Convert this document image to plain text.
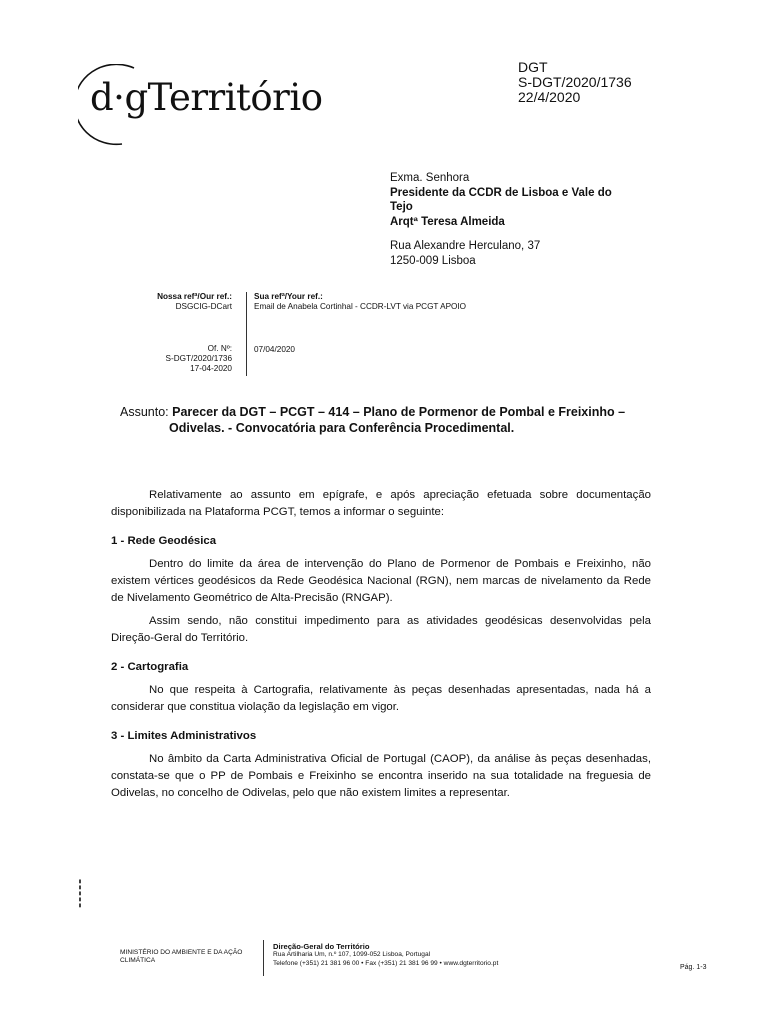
d·gTerritório
DGT
S-DGT/2020/1736
22/4/2020
Exma. Senhora
Presidente da CCDR de Lisboa e Vale do
Tejo
Arqtª Teresa Almeida
Rua Alexandre Herculano, 37
1250-009 Lisboa
Nossa refª/Our ref.:
DSGCIG-DCart
Of. Nº:
S-DGT/2020/1736
17-04-2020
Sua refª/Your ref.:
Email de Anabela Cortinhal - CCDR-LVT via PCGT APOIO
07/04/2020
Assunto: Parecer da DGT – PCGT – 414 – Plano de Pormenor de Pombal e Freixinho –
Odivelas. - Convocatória para Conferência Procedimental.

Relativamente ao assunto em epígrafe, e após apreciação efetuada sobre documentação disponibilizada na Plataforma PCGT, temos a informar o seguinte:

1 - Rede Geodésica

Dentro do limite da área de intervenção do Plano de Pormenor de Pombais e Freixinho, não existem vértices geodésicos da Rede Geodésica Nacional (RGN), nem marcas de nivelamento da Rede de Nivelamento Geométrico de Alta-Precisão (RNGAP).

Assim sendo, não constitui impedimento para as atividades geodésicas desenvolvidas pela Direção-Geral do Território.

2 - Cartografia

No que respeita à Cartografia, relativamente às peças desenhadas apresentadas, nada há a considerar que constitua violação da legislação em vigor.

3 - Limites Administrativos

No âmbito da Carta Administrativa Oficial de Portugal (CAOP), da análise às peças desenhadas, constata-se que o PP de Pombais e Freixinho se encontra inserido na sua totalidade na freguesia de Odivelas, no concelho de Odivelas, pelo que não existem limites a representar.

▮▮▮▮▮
MINISTÉRIO DO AMBIENTE E DA AÇÃO
CLIMÁTICA
Direção-Geral do Território
Rua Artilharia Um, n.º 107, 1099-052 Lisboa, Portugal
Telefone (+351) 21 381 96 00 • Fax (+351) 21 381 96 99 • www.dgterritorio.pt
Pág. 1-3
